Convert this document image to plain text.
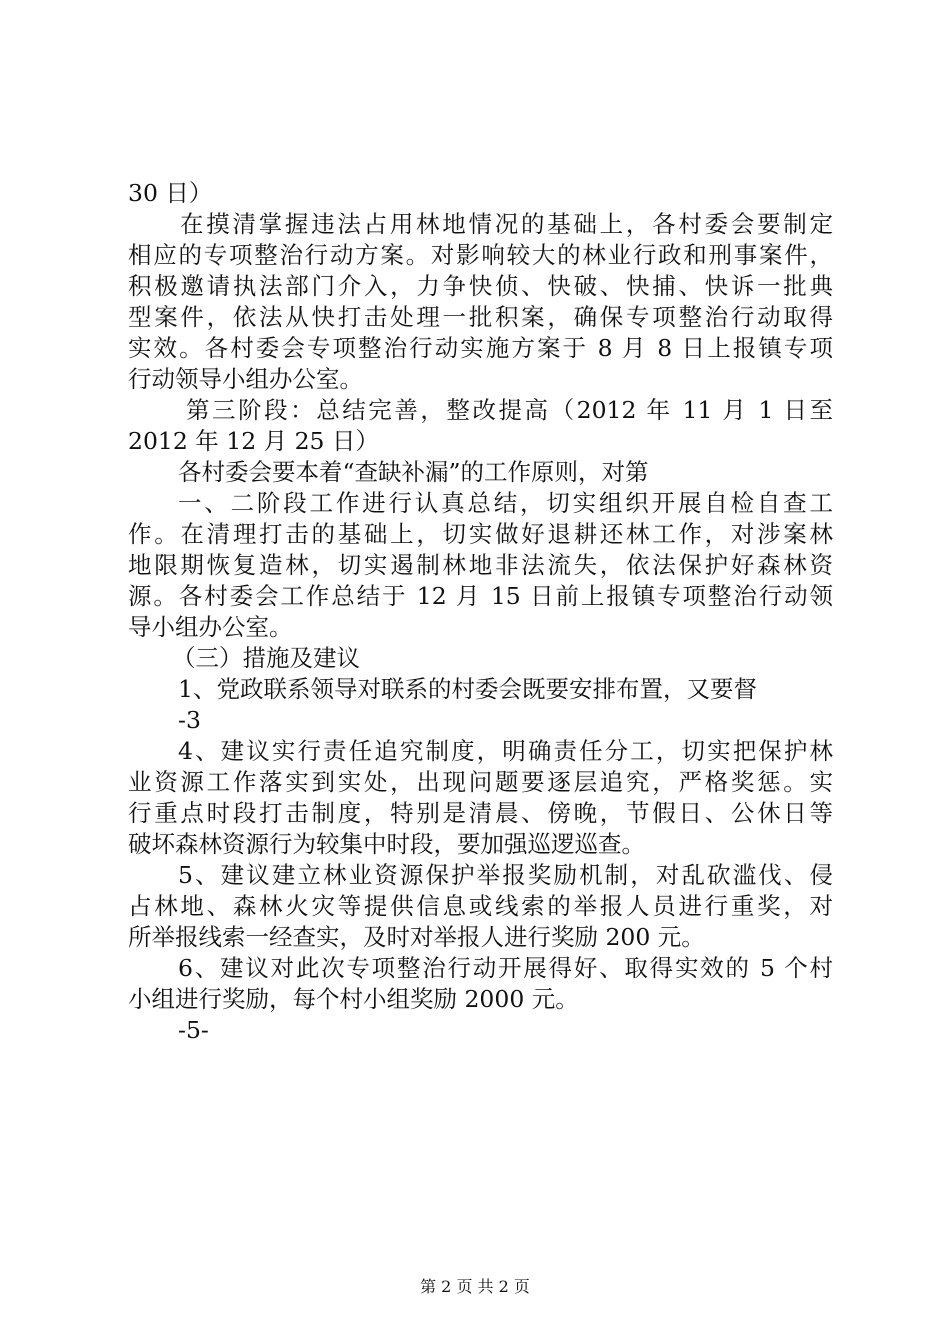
30 日）
在摸清掌握违法占用林地情况的基础上，各村委会要制定
相应的专项整治行动方案。对影响较大的林业行政和刑事案件，
积极邀请执法部门介入，力争快侦、快破、快捕、快诉一批典
型案件，依法从快打击处理一批积案，确保专项整治行动取得
实效。各村委会专项整治行动实施方案于 8 月 8 日上报镇专项
行动领导小组办公室。
第三阶段：总结完善，整改提高（2012 年 11 月 1 日至
2012 年 12 月 25 日）
各村委会要本着“查缺补漏”的工作原则，对第
一、二阶段工作进行认真总结，切实组织开展自检自查工
作。在清理打击的基础上，切实做好退耕还林工作，对涉案林
地限期恢复造林，切实遏制林地非法流失，依法保护好森林资
源。各村委会工作总结于 12 月 15 日前上报镇专项整治行动领
导小组办公室。
（三）措施及建议
1、党政联系领导对联系的村委会既要安排布置，又要督
-3
4、建议实行责任追究制度，明确责任分工，切实把保护林
业资源工作落实到实处，出现问题要逐层追究，严格奖惩。实
行重点时段打击制度，特别是清晨、傍晚，节假日、公休日等
破坏森林资源行为较集中时段，要加强巡逻巡查。
5、建议建立林业资源保护举报奖励机制，对乱砍滥伐、侵
占林地、森林火灾等提供信息或线索的举报人员进行重奖，对
所举报线索一经查实，及时对举报人进行奖励 200 元。
6、建议对此次专项整治行动开展得好、取得实效的 5 个村
小组进行奖励，每个村小组奖励 2000 元。
-5-
第 2 页 共 2 页
